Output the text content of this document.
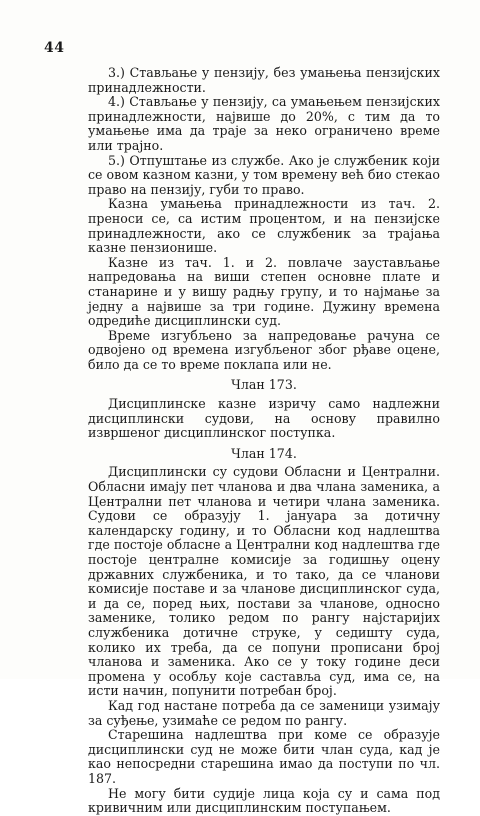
44

3.) Стављање у пензију, без умањења пензијских принадлежности.

4.) Стављање у пензију, са умањењем пензијских принадлежности, највише до 20%, с тим да то умањење има да траје за неко ограничено време или трајно.

5.) Отпуштање из службе. Ако је службеник који се овом казном казни, у том времену већ био стекао право на пензију, губи то право.

Казна умањења принадлежности из тач. 2. преноси се, са истим процентом, и на пензијске принадлежности, ако се службеник за трајања казне пензионише.

Казне из тач. 1. и 2. повлаче заустављање напредовања на виши степен основне плате и станарине и у вишу радњу групу, и то најмање за једну а највише за три године. Дужину времена одредиће дисциплински суд.

Време изгубљено за напредовање рачуна се одвојено од времена изгубљеног због рђаве оцене, било да се то време поклапа или не.

Члан 173.

Дисциплинске казне изричу само надлежни дисциплински судови, на основу правилно извршеног дисциплинског поступка.

Члан 174.

Дисциплински су судови Обласни и Централни. Обласни имају пет чланова и два члана заменика, а Централни пет чланова и четири члана заменика. Судови се образују 1. јануара за дотичну календарску годину, и то Обласни код надлештва где постоје обласне а Централни код надлештва где постоје централне комисије за годишњу оцену државних службеника, и то тако, да се чланови комисије поставе и за чланове дисциплинског суда, и да се, поред њих, постави за чланове, односно заменике, толико редом по рангу најстаријих службеника дотичне струке, у седишту суда, колико их треба, да се попуни прописани број чланова и заменика. Ако се у току године деси промена у особљу које саставља суд, има се, на исти начин, попунити потребан број.

Кад год настане потреба да се заменици узимају за суђење, узимаће се редом по рангу.

Старешина надлештва при коме се образује дисциплински суд не може бити члан суда, кад је као непосредни старешина имао да поступи по чл. 187.

Не могу бити судије лица која су и сама под кривичним или дисциплинским поступањем.
